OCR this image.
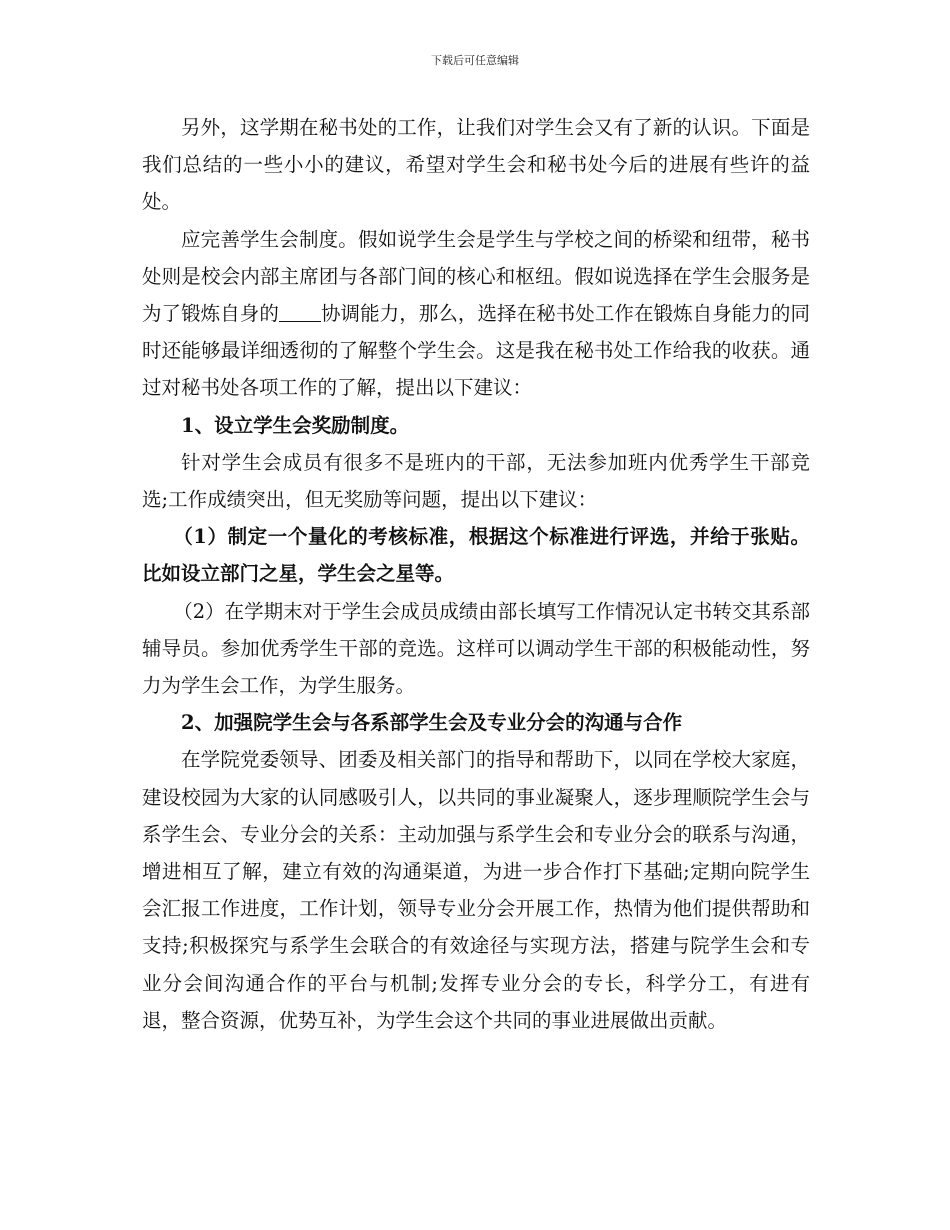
下载后可任意编辑

另外，这学期在秘书处的工作，让我们对学生会又有了新的认识。下面是我们总结的一些小小的建议，希望对学生会和秘书处今后的进展有些许的益处。

应完善学生会制度。假如说学生会是学生与学校之间的桥梁和纽带，秘书处则是校会内部主席团与各部门间的核心和枢纽。假如说选择在学生会服务是为了锻炼自身的 协调能力，那么，选择在秘书处工作在锻炼自身能力的同时还能够最详细透彻的了解整个学生会。这是我在秘书处工作给我的收获。通过对秘书处各项工作的了解，提出以下建议：

1、设立学生会奖励制度。

针对学生会成员有很多不是班内的干部，无法参加班内优秀学生干部竞选;工作成绩突出，但无奖励等问题，提出以下建议：

（1）制定一个量化的考核标准，根据这个标准进行评选，并给于张贴。比如设立部门之星，学生会之星等。

（2）在学期末对于学生会成员成绩由部长填写工作情况认定书转交其系部辅导员。参加优秀学生干部的竞选。这样可以调动学生干部的积极能动性，努力为学生会工作，为学生服务。

2、加强院学生会与各系部学生会及专业分会的沟通与合作

在学院党委领导、团委及相关部门的指导和帮助下，以同在学校大家庭，建设校园为大家的认同感吸引人，以共同的事业凝聚人，逐步理顺院学生会与系学生会、专业分会的关系：主动加强与系学生会和专业分会的联系与沟通，增进相互了解，建立有效的沟通渠道，为进一步合作打下基础;定期向院学生会汇报工作进度，工作计划，领导专业分会开展工作，热情为他们提供帮助和支持;积极探究与系学生会联合的有效途径与实现方法，搭建与院学生会和专业分会间沟通合作的平台与机制;发挥专业分会的专长，科学分工，有进有退，整合资源，优势互补，为学生会这个共同的事业进展做出贡献。
